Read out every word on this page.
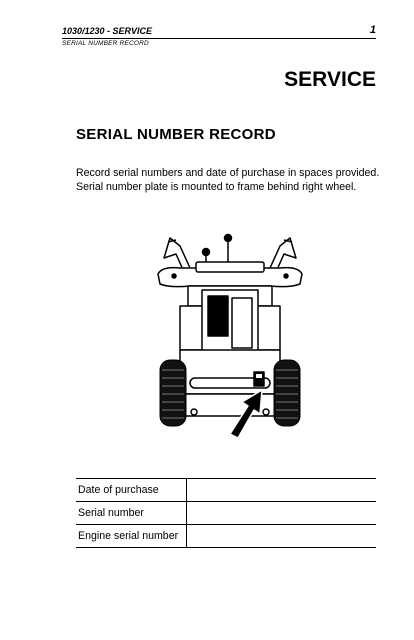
1030/1230 - SERVICE	1
SERIAL NUMBER RECORD
SERVICE
SERIAL NUMBER RECORD
Record serial numbers and date of purchase in spaces provided.
Serial number plate is mounted to frame behind right wheel.
Date of purchase	
Serial number	
Engine serial number	
